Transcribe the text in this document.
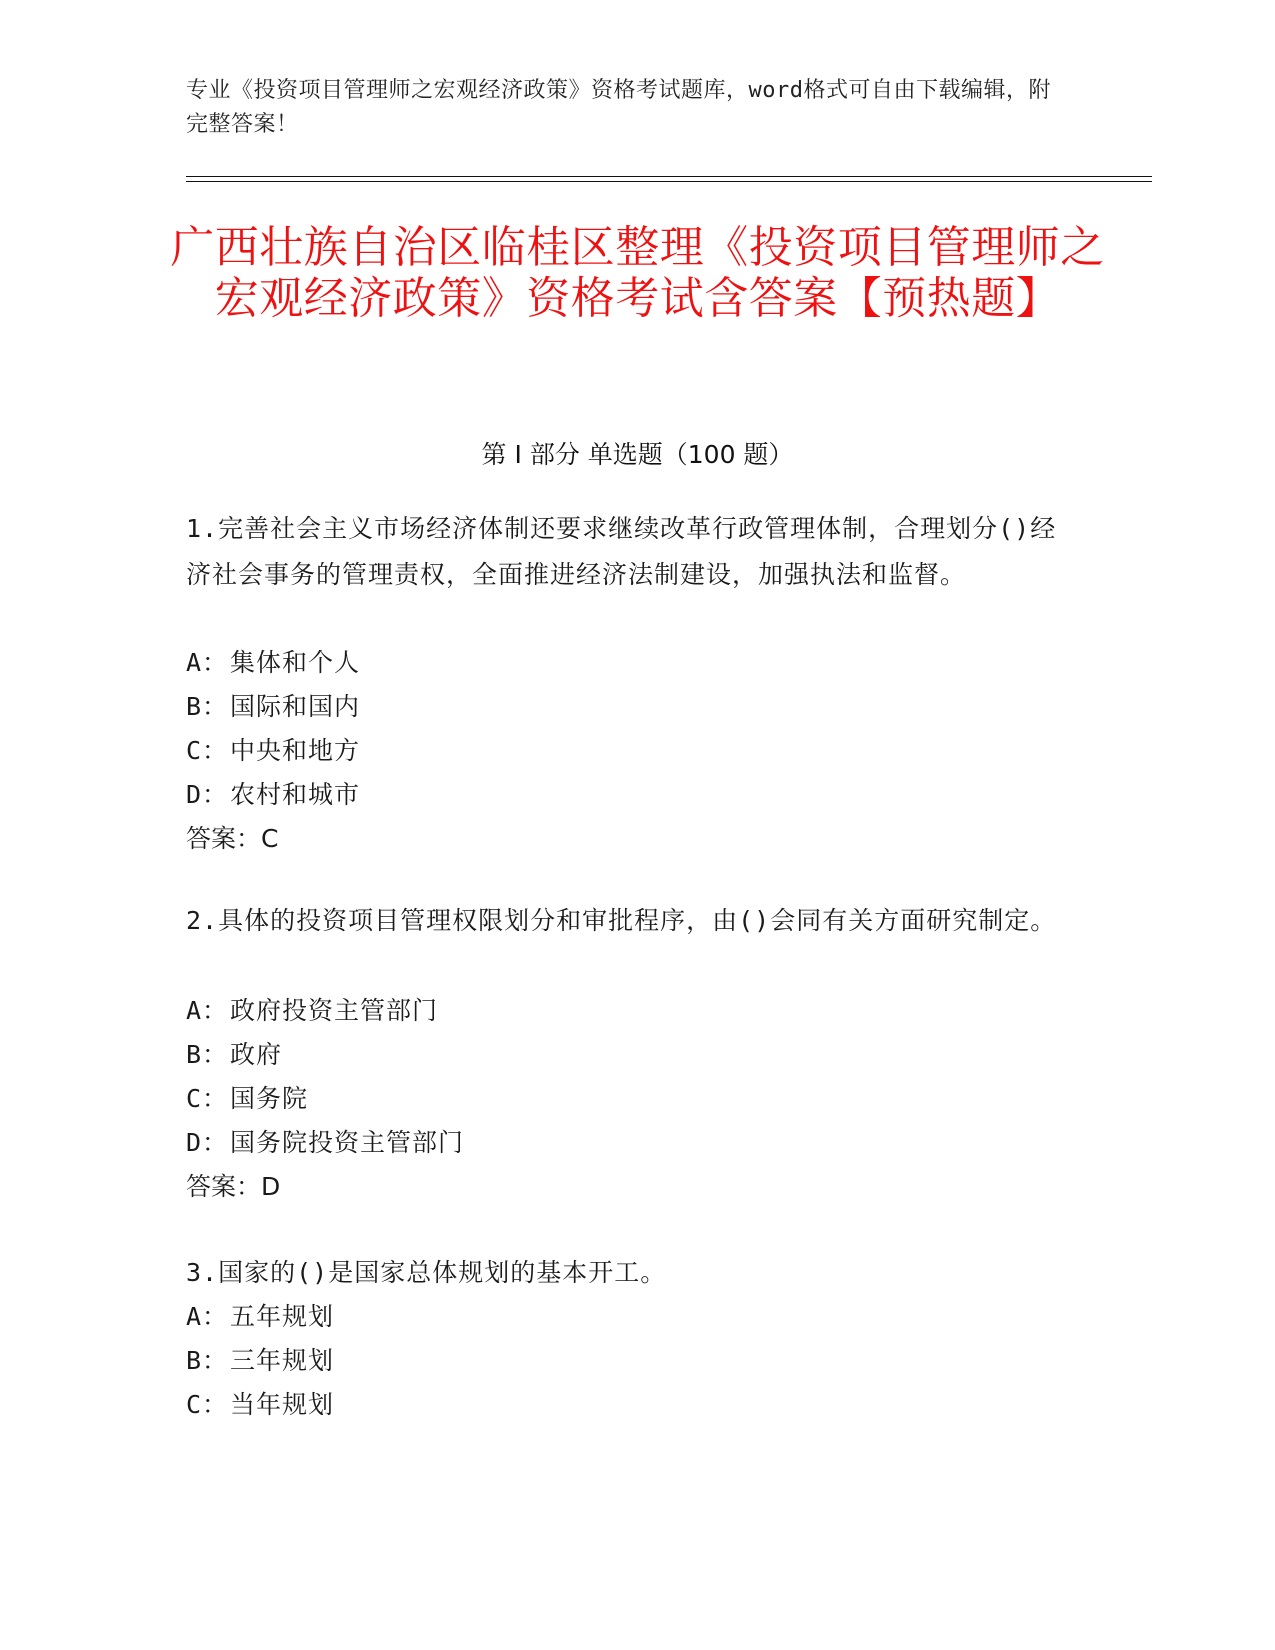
专业《投资项目管理师之宏观经济政策》资格考试题库，word格式可自由下载编辑，附完整答案！
广西壮族自治区临桂区整理《投资项目管理师之宏观经济政策》资格考试含答案【预热题】
第 I 部分 单选题（100 题）
1.完善社会主义市场经济体制还要求继续改革行政管理体制，合理划分()经济社会事务的管理责权，全面推进经济法制建设，加强执法和监督。
A：集体和个人
B：国际和国内
C：中央和地方
D：农村和城市
答案：C
2.具体的投资项目管理权限划分和审批程序，由()会同有关方面研究制定。
A：政府投资主管部门
B：政府
C：国务院
D：国务院投资主管部门
答案：D
3.国家的()是国家总体规划的基本开工。
A：五年规划
B：三年规划
C：当年规划
